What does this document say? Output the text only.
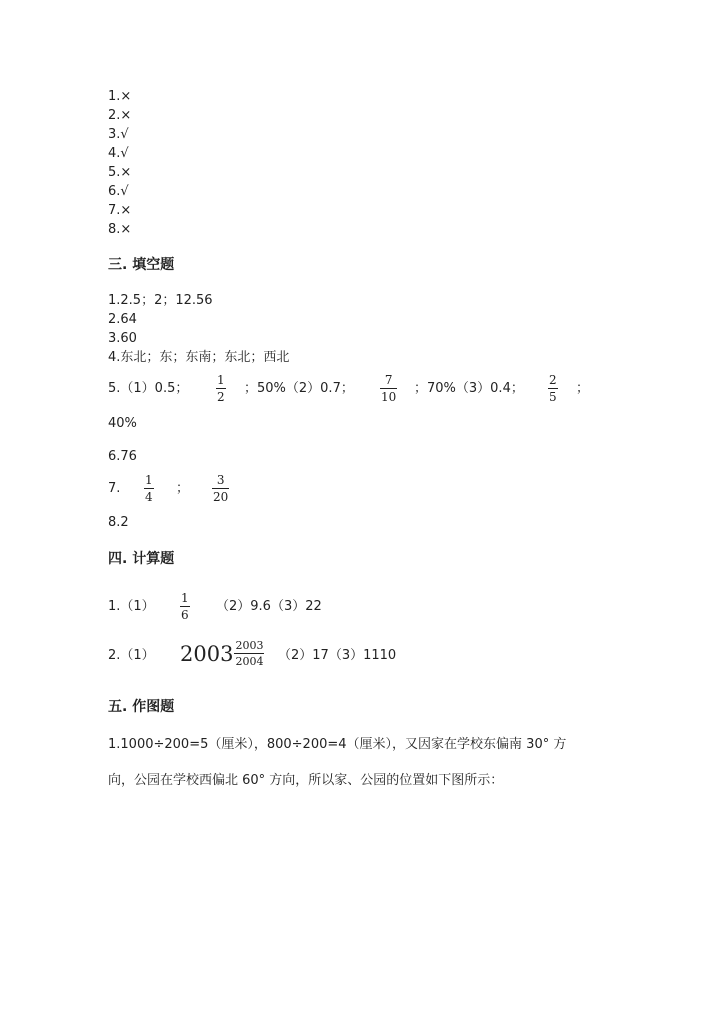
1.×
2.×
3.√
4.√
5.×
6.√
7.×
8.×
三. 填空题
1.2.5；2；12.56
2.64
3.60
4.东北；东；东南；东北；西北
5.（1）0.5；
1
2
；50%（2）0.7；
7
10
；70%（3）0.4；
2
5
；
40%
6.76
7.
1
4
；
3
20
8.2
四. 计算题
1.（1）
1
6
（2）9.6（3）22
2.（1） $2003 \frac{2003}{2004} (2)17(3)1110$
五. 作图题
1.1000÷200=5（厘米），800÷200=4（厘米），又因家在学校东偏南 30° 方
向，公园在学校西偏北 60° 方向，所以家、公园的位置如下图所示：
